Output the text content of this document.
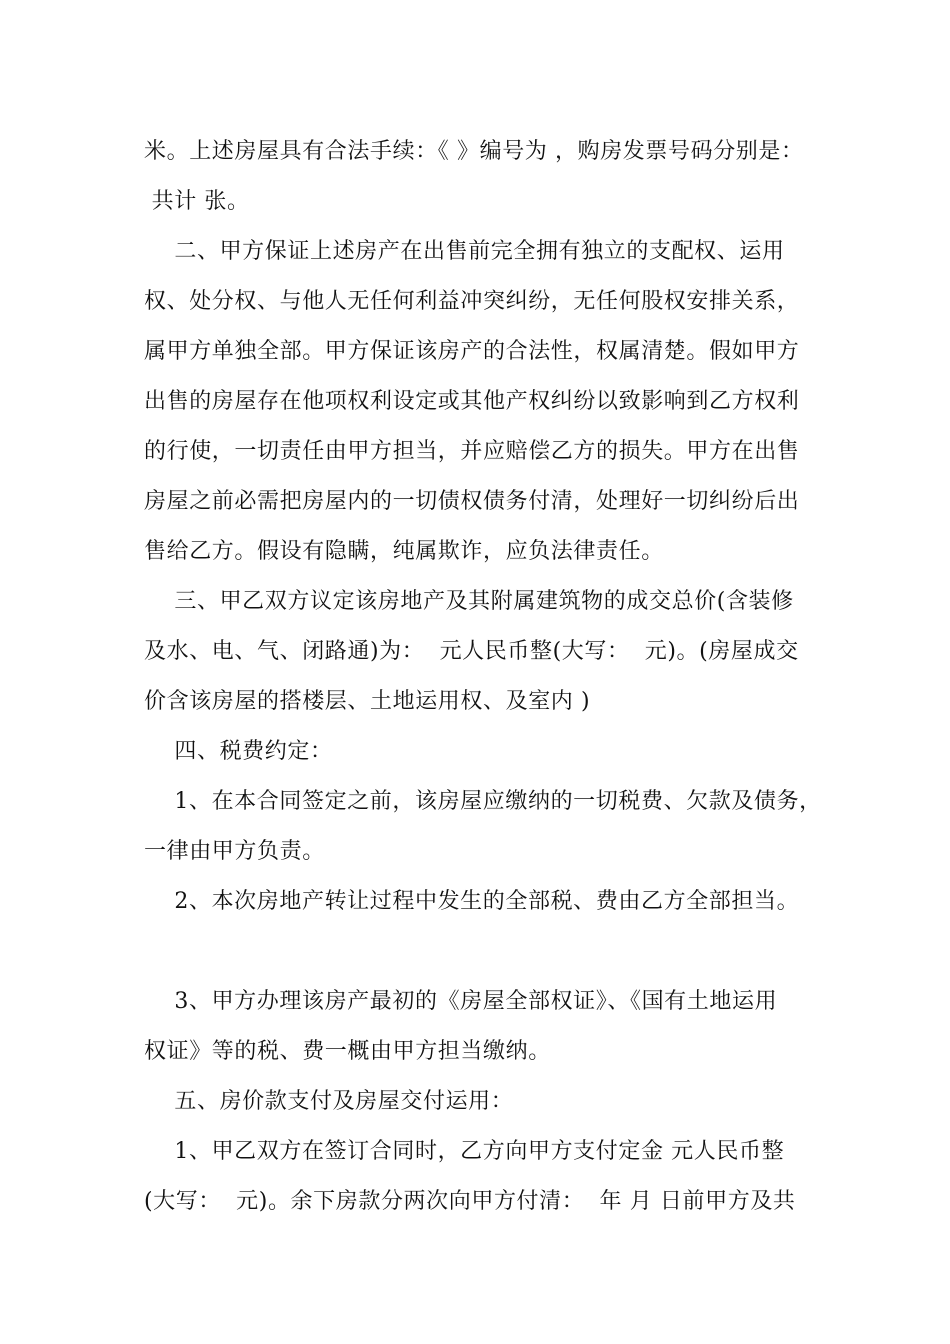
米。上述房屋具有合法手续：《 》编号为 ，购房发票号码分别是：
共计 张。
二、甲方保证上述房产在出售前完全拥有独立的支配权、运用
权、处分权、与他人无任何利益冲突纠纷，无任何股权安排关系，
属甲方单独全部。甲方保证该房产的合法性，权属清楚。假如甲方
出售的房屋存在他项权利设定或其他产权纠纷以致影响到乙方权利
的行使，一切责任由甲方担当，并应赔偿乙方的损失。甲方在出售
房屋之前必需把房屋内的一切债权债务付清，处理好一切纠纷后出
售给乙方。假设有隐瞒，纯属欺诈，应负法律责任。
三、甲乙双方议定该房地产及其附属建筑物的成交总价(含装修
及水、电、气、闭路通)为：  元人民币整(大写：  元)。(房屋成交
价含该房屋的搭楼层、土地运用权、及室内 )
四、税费约定：
1、在本合同签定之前，该房屋应缴纳的一切税费、欠款及债务，
一律由甲方负责。
2、本次房地产转让过程中发生的全部税、费由乙方全部担当。
3、甲方办理该房产最初的《房屋全部权证》、《国有土地运用
权证》等的税、费一概由甲方担当缴纳。
五、房价款支付及房屋交付运用：
1、甲乙双方在签订合同时，乙方向甲方支付定金 元人民币整
(大写：  元)。余下房款分两次向甲方付清：  年 月 日前甲方及共
